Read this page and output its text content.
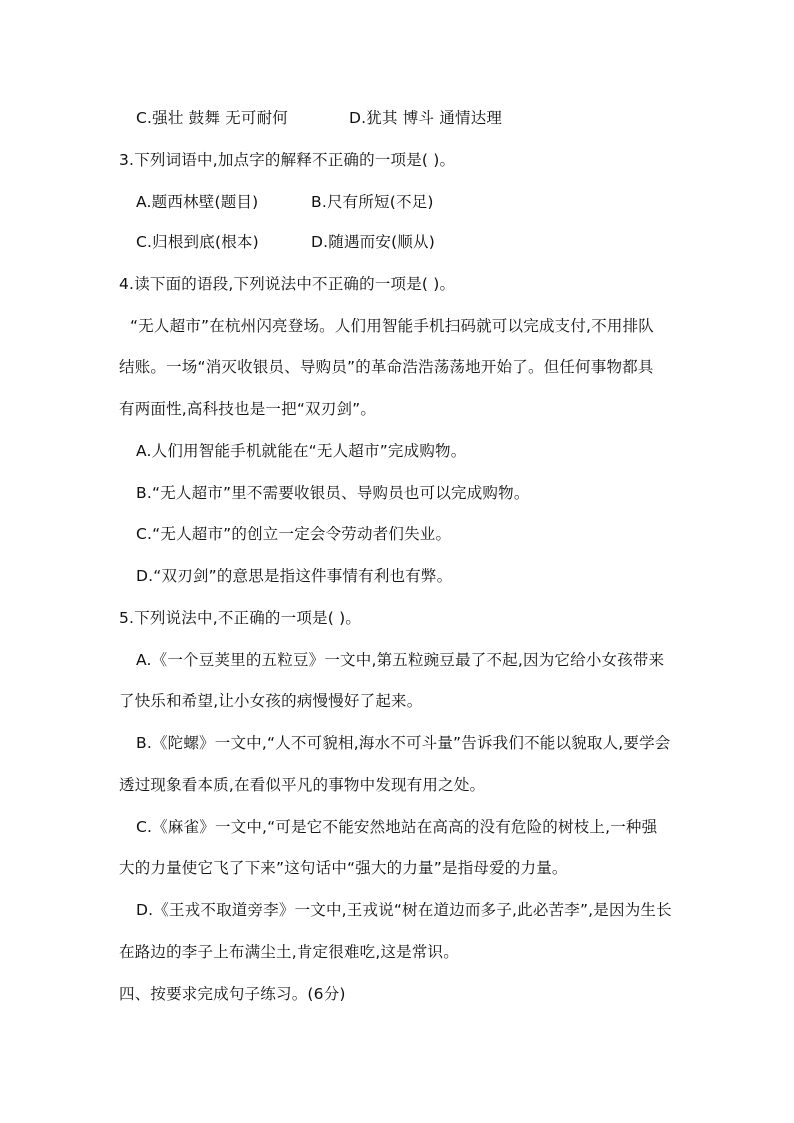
C.强壮 鼓舞 无可耐何	D.犹其 博斗 通情达理
3.下列词语中,加点字的解释不正确的一项是( )。
A.题西林壁(题目)	B.尺有所短(不足)
C.归根到底(根本)	D.随遇而安(顺从)
4.读下面的语段,下列说法中不正确的一项是( )。
“无人超市”在杭州闪亮登场。人们用智能手机扫码就可以完成支付,不用排队
结账。一场“消灭收银员、导购员”的革命浩浩荡荡地开始了。但任何事物都具
有两面性,高科技也是一把“双刃剑”。
A.人们用智能手机就能在“无人超市”完成购物。
B.“无人超市”里不需要收银员、导购员也可以完成购物。
C.“无人超市”的创立一定会令劳动者们失业。
D.“双刃剑”的意思是指这件事情有利也有弊。
5.下列说法中,不正确的一项是( )。
A.《一个豆荚里的五粒豆》一文中,第五粒豌豆最了不起,因为它给小女孩带来
了快乐和希望,让小女孩的病慢慢好了起来。
B.《陀螺》一文中,“人不可貌相,海水不可斗量”告诉我们不能以貌取人,要学会
透过现象看本质,在看似平凡的事物中发现有用之处。
C.《麻雀》一文中,“可是它不能安然地站在高高的没有危险的树枝上,一种强
大的力量使它飞了下来”这句话中“强大的力量”是指母爱的力量。
D.《王戎不取道旁李》一文中,王戎说“树在道边而多子,此必苦李”,是因为生长
在路边的李子上布满尘土,肯定很难吃,这是常识。
四、按要求完成句子练习。(6分)
